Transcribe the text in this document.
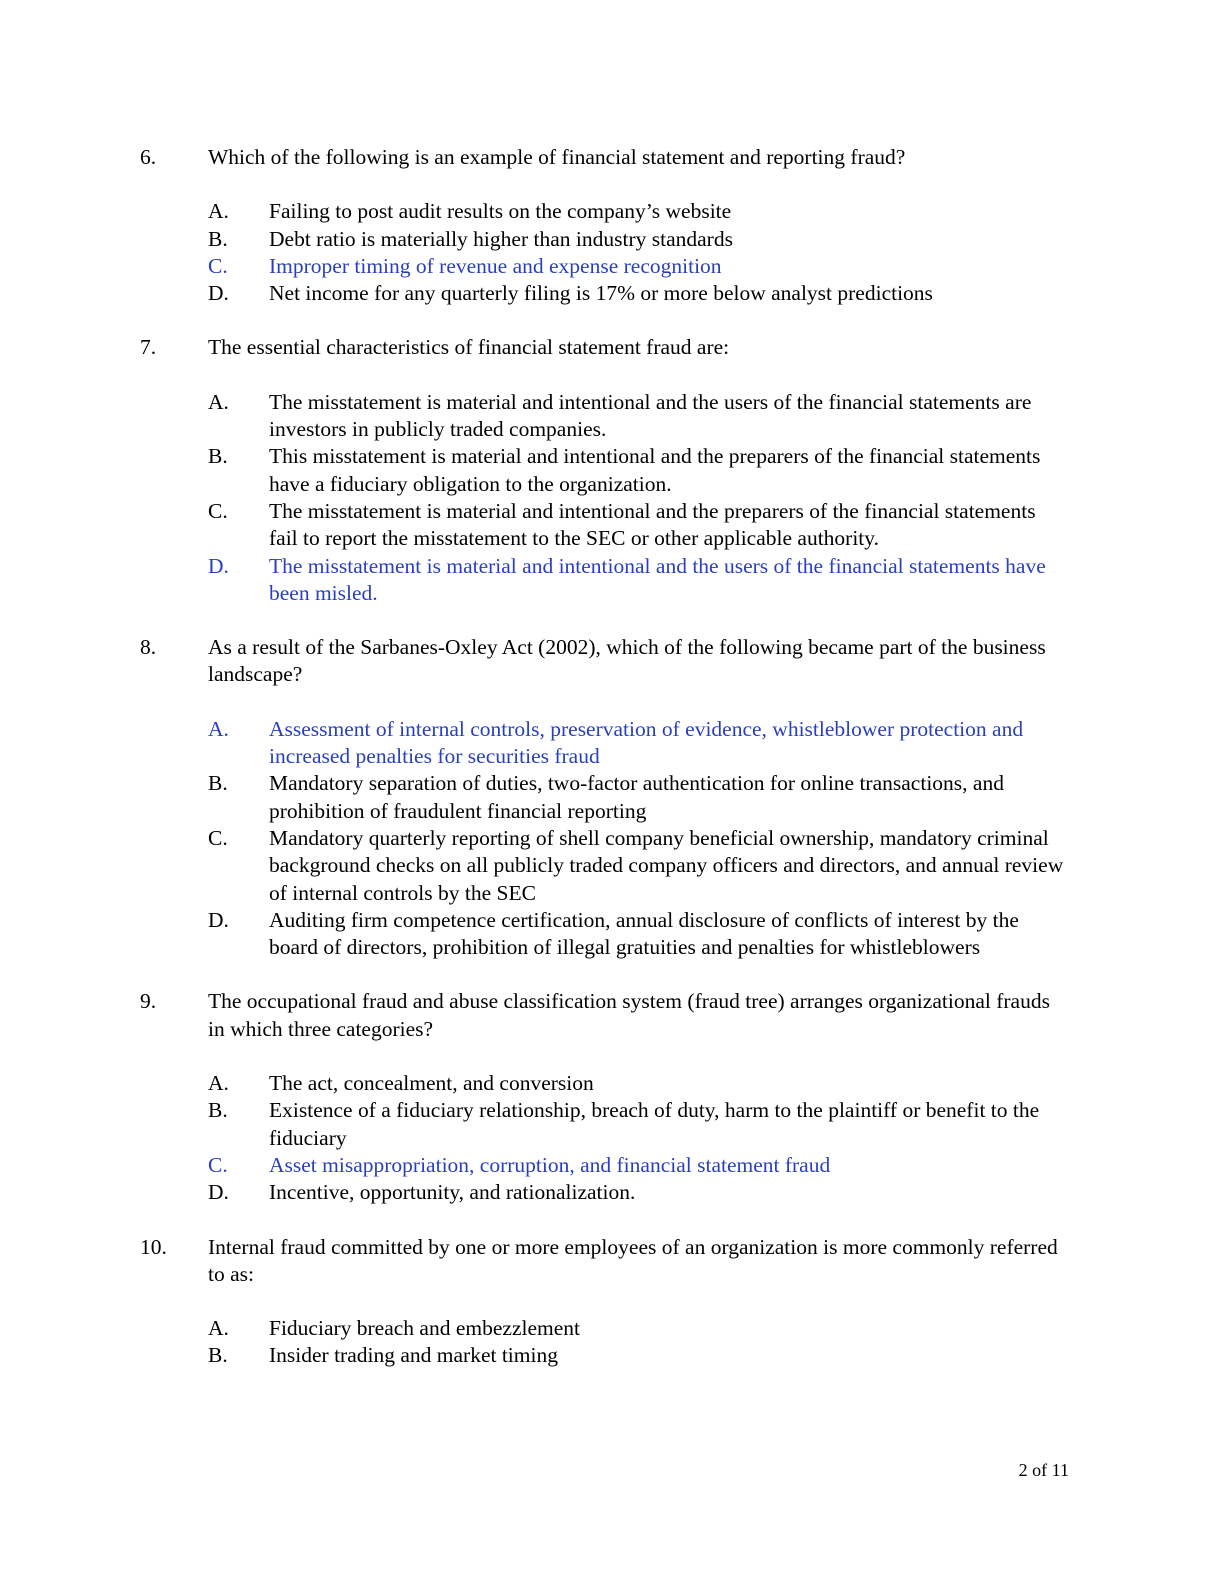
6.	Which of the following is an example of financial statement and reporting fraud?
A.	Failing to post audit results on the company’s website
B.	Debt ratio is materially higher than industry standards
C.	Improper timing of revenue and expense recognition
D.	Net income for any quarterly filing is 17% or more below analyst predictions
7.	The essential characteristics of financial statement fraud are:
A.	The misstatement is material and intentional and the users of the financial statements are investors in publicly traded companies.
B.	This misstatement is material and intentional and the preparers of the financial statements have a fiduciary obligation to the organization.
C.	The misstatement is material and intentional and the preparers of the financial statements fail to report the misstatement to the SEC or other applicable authority.
D.	The misstatement is material and intentional and the users of the financial statements have been misled.
8.	As a result of the Sarbanes-Oxley Act (2002), which of the following became part of the business landscape?
A.	Assessment of internal controls, preservation of evidence, whistleblower protection and increased penalties for securities fraud
B.	Mandatory separation of duties, two-factor authentication for online transactions, and prohibition of fraudulent financial reporting
C.	Mandatory quarterly reporting of shell company beneficial ownership, mandatory criminal background checks on all publicly traded company officers and directors, and annual review of internal controls by the SEC
D.	Auditing firm competence certification, annual disclosure of conflicts of interest by the board of directors, prohibition of illegal gratuities and penalties for whistleblowers
9.	The occupational fraud and abuse classification system (fraud tree) arranges organizational frauds in which three categories?
A.	The act, concealment, and conversion
B.	Existence of a fiduciary relationship, breach of duty, harm to the plaintiff or benefit to the fiduciary
C.	Asset misappropriation, corruption, and financial statement fraud
D.	Incentive, opportunity, and rationalization.
10.	Internal fraud committed by one or more employees of an organization is more commonly referred to as:
A.	Fiduciary breach and embezzlement
B.	Insider trading and market timing
2 of 11
